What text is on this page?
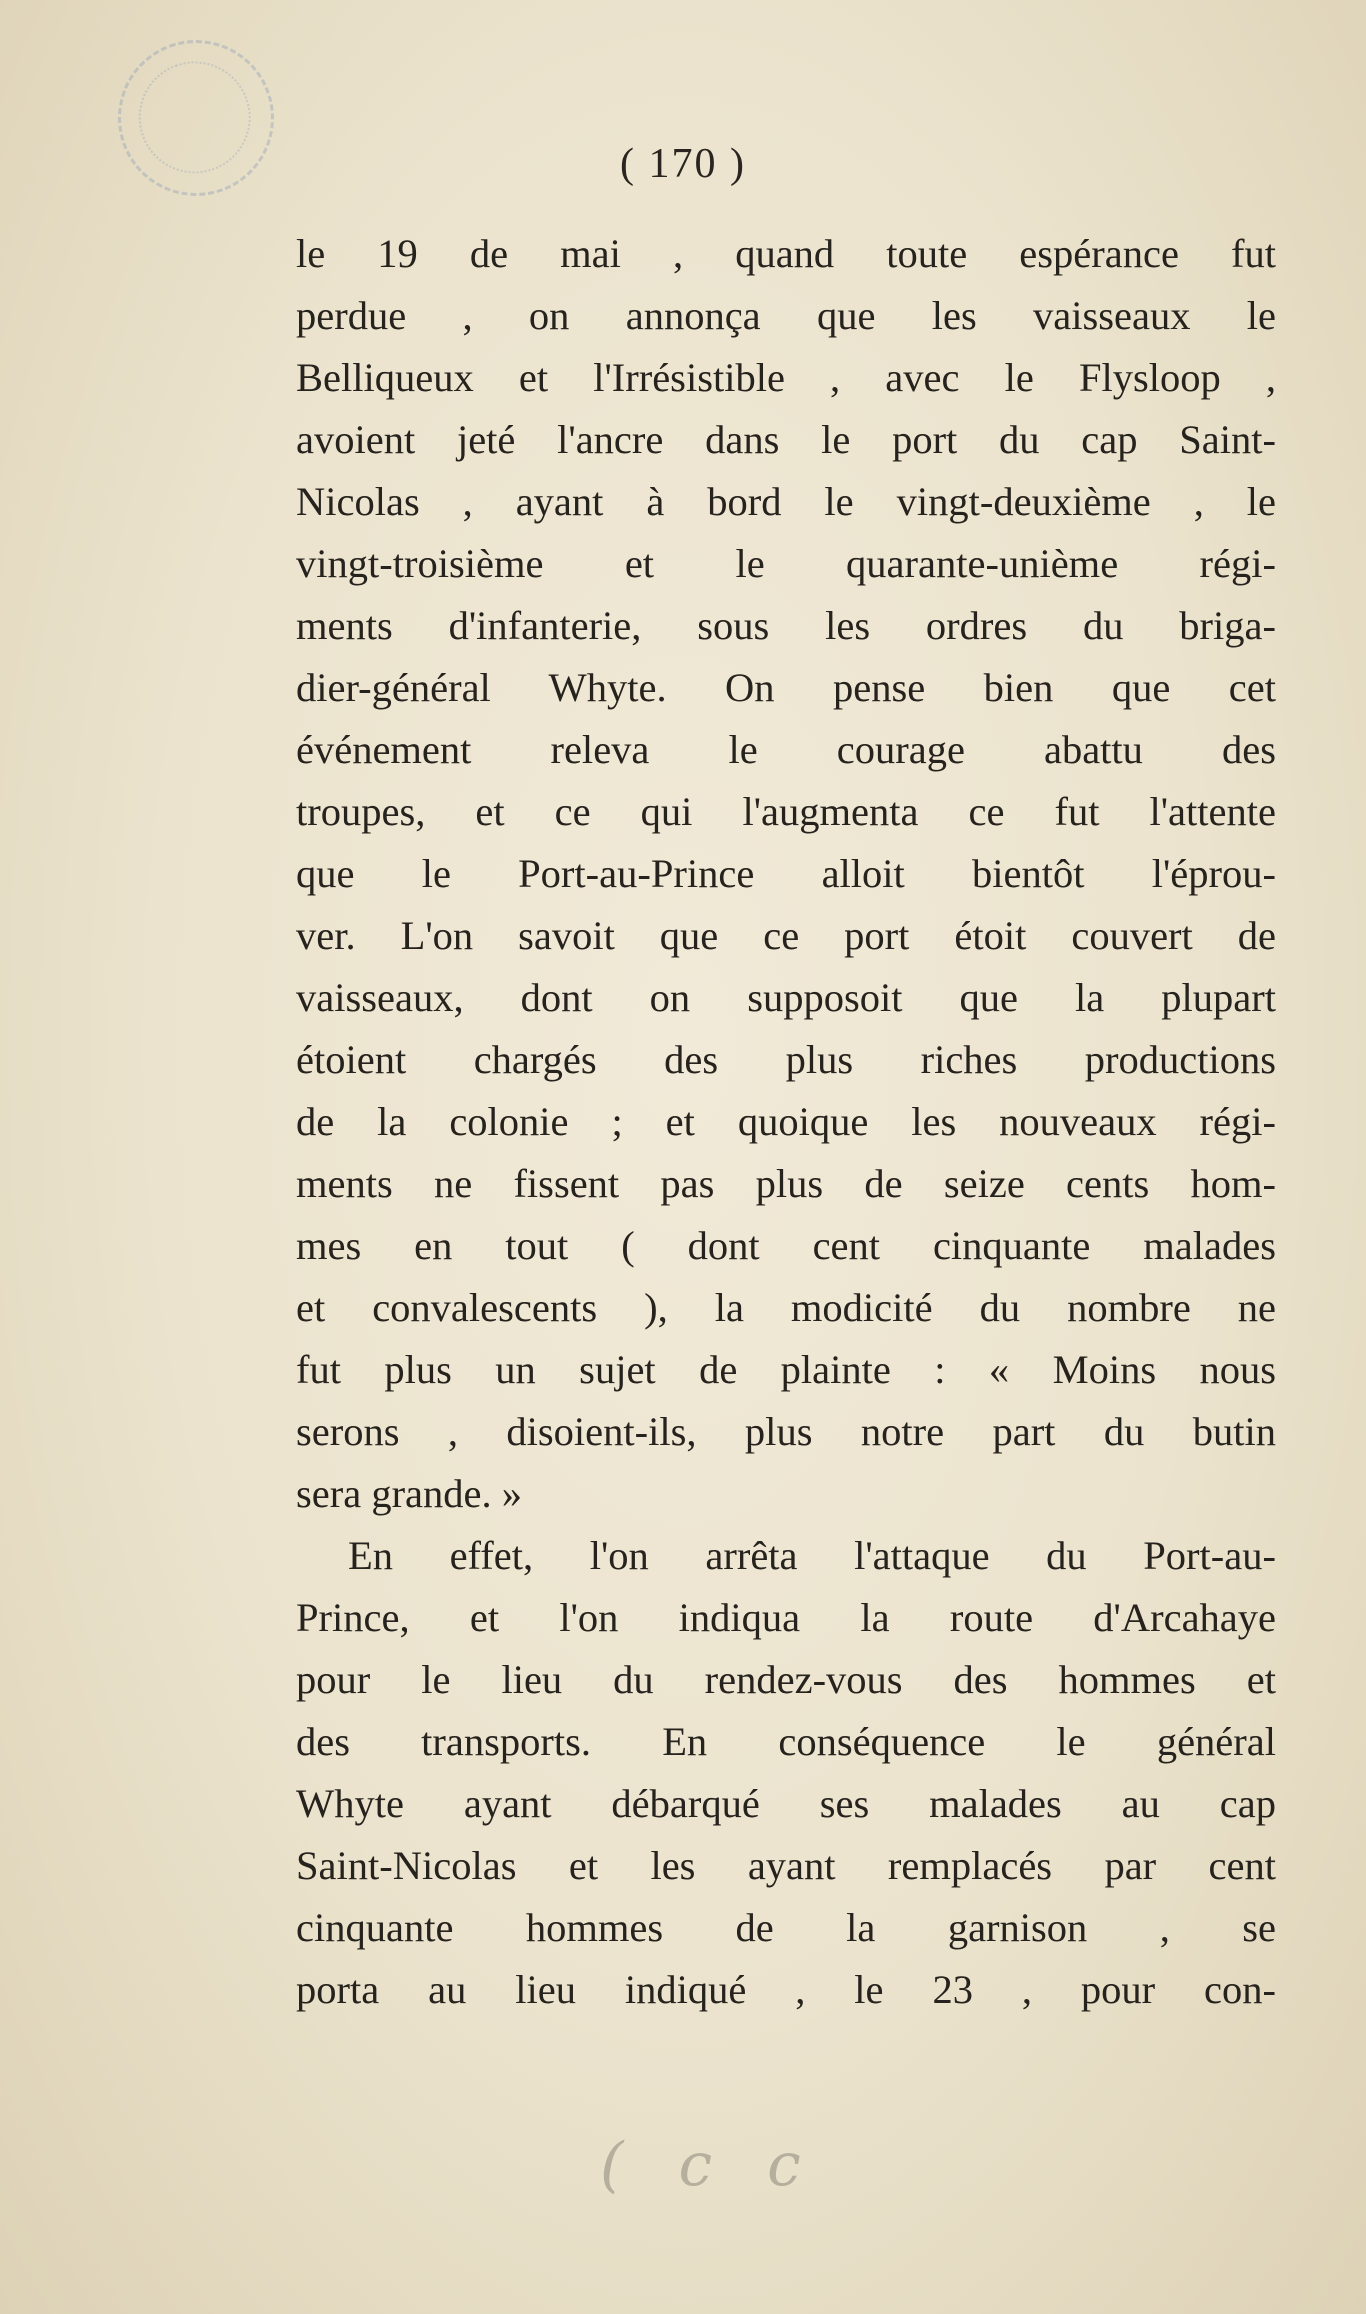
( 170 )
le 19 de mai , quand toute espérance fut
perdue , on annonça que les vaisseaux le
Belliqueux et l'Irrésistible , avec le Flysloop ,
avoient jeté l'ancre dans le port du cap Saint-
Nicolas , ayant à bord le vingt-deuxième , le
vingt-troisième et le quarante-unième régi-
ments d'infanterie, sous les ordres du briga-
dier-général Whyte. On pense bien que cet
événement releva le courage abattu des
troupes, et ce qui l'augmenta ce fut l'attente
que le Port-au-Prince alloit bientôt l'éprou-
ver. L'on savoit que ce port étoit couvert de
vaisseaux, dont on supposoit que la plupart
étoient chargés des plus riches productions
de la colonie ; et quoique les nouveaux régi-
ments ne fissent pas plus de seize cents hom-
mes en tout ( dont cent cinquante malades
et convalescents ), la modicité du nombre ne
fut plus un sujet de plainte : « Moins nous
serons , disoient-ils, plus notre part du butin
sera grande. »
En effet, l'on arrêta l'attaque du Port-au-
Prince, et l'on indiqua la route d'Arcahaye
pour le lieu du rendez-vous des hommes et
des transports. En conséquence le général
Whyte ayant débarqué ses malades au cap
Saint-Nicolas et les ayant remplacés par cent
cinquante hommes de la garnison , se
porta au lieu indiqué , le 23 , pour con-
( c c
